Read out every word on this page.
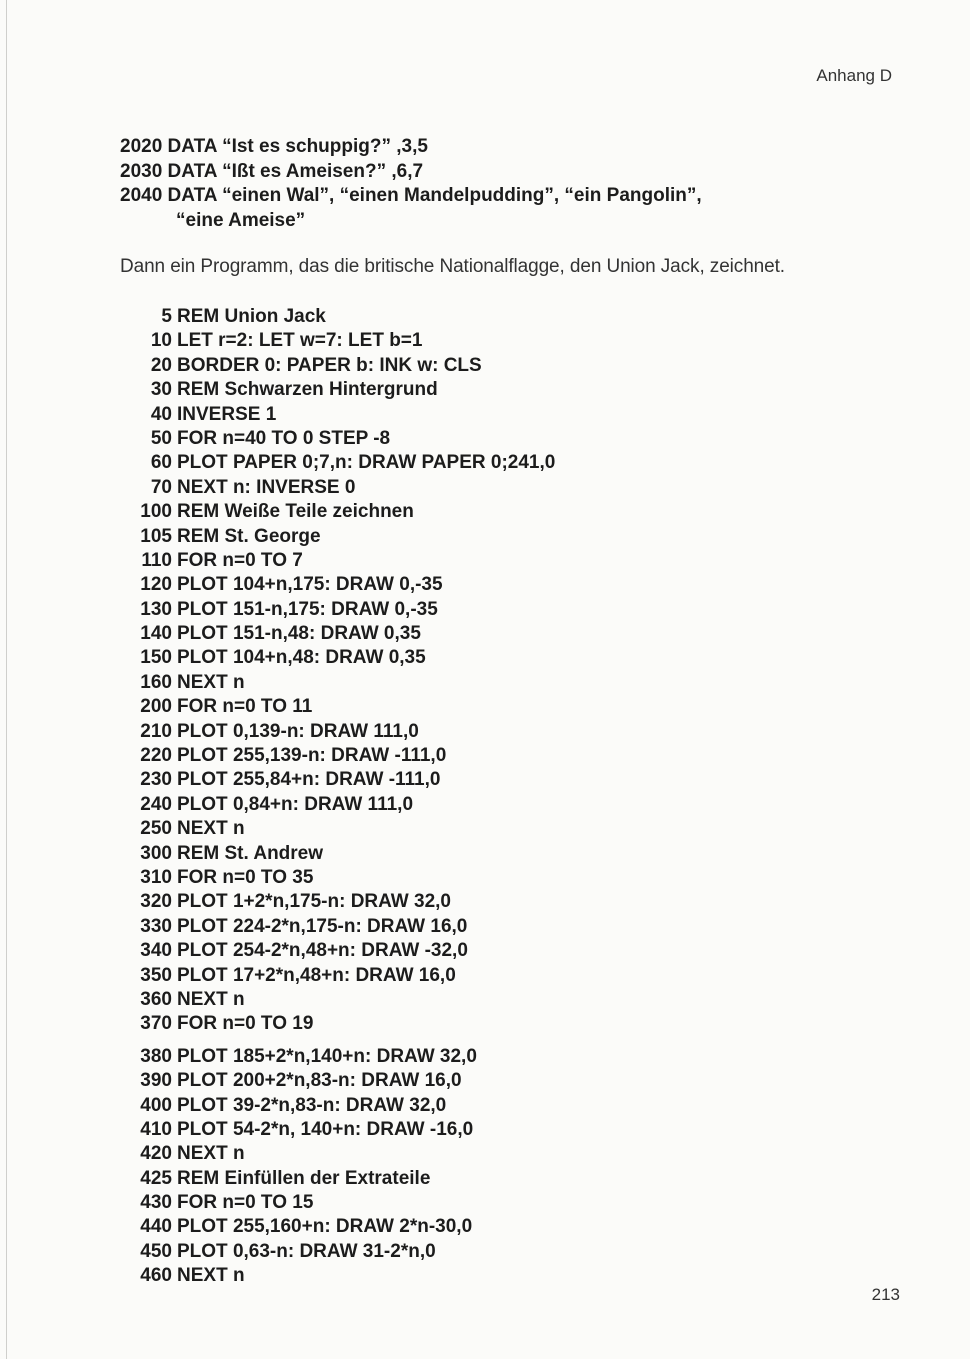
Anhang D
2020 DATA “Ist es schuppig?” ,3,5
2030 DATA “Ißt es Ameisen?” ,6,7
2040 DATA “einen Wal”, “einen Mandelpudding”, “ein Pangolin”,
“eine Ameise”
Dann ein Programm, das die britische Nationalflagge, den Union Jack, zeichnet.
5 REM Union Jack
10 LET r=2: LET w=7: LET b=1
20 BORDER 0: PAPER b: INK w: CLS
30 REM Schwarzen Hintergrund
40 INVERSE 1
50 FOR n=40 TO 0 STEP -8
60 PLOT PAPER 0;7,n: DRAW PAPER 0;241,0
70 NEXT n: INVERSE 0
100 REM Weiße Teile zeichnen
105 REM St. George
110 FOR n=0 TO 7
120 PLOT 104+n,175: DRAW 0,-35
130 PLOT 151-n,175: DRAW 0,-35
140 PLOT 151-n,48: DRAW 0,35
150 PLOT 104+n,48: DRAW 0,35
160 NEXT n
200 FOR n=0 TO 11
210 PLOT 0,139-n: DRAW 111,0
220 PLOT 255,139-n: DRAW -111,0
230 PLOT 255,84+n: DRAW -111,0
240 PLOT 0,84+n: DRAW 111,0
250 NEXT n
300 REM St. Andrew
310 FOR n=0 TO 35
320 PLOT 1+2*n,175-n: DRAW 32,0
330 PLOT 224-2*n,175-n: DRAW 16,0
340 PLOT 254-2*n,48+n: DRAW -32,0
350 PLOT 17+2*n,48+n: DRAW 16,0
360 NEXT n
370 FOR n=0 TO 19
380 PLOT 185+2*n,140+n: DRAW 32,0
390 PLOT 200+2*n,83-n: DRAW 16,0
400 PLOT 39-2*n,83-n: DRAW 32,0
410 PLOT 54-2*n, 140+n: DRAW -16,0
420 NEXT n
425 REM Einfüllen der Extrateile
430 FOR n=0 TO 15
440 PLOT 255,160+n: DRAW 2*n-30,0
450 PLOT 0,63-n: DRAW 31-2*n,0
460 NEXT n
213
